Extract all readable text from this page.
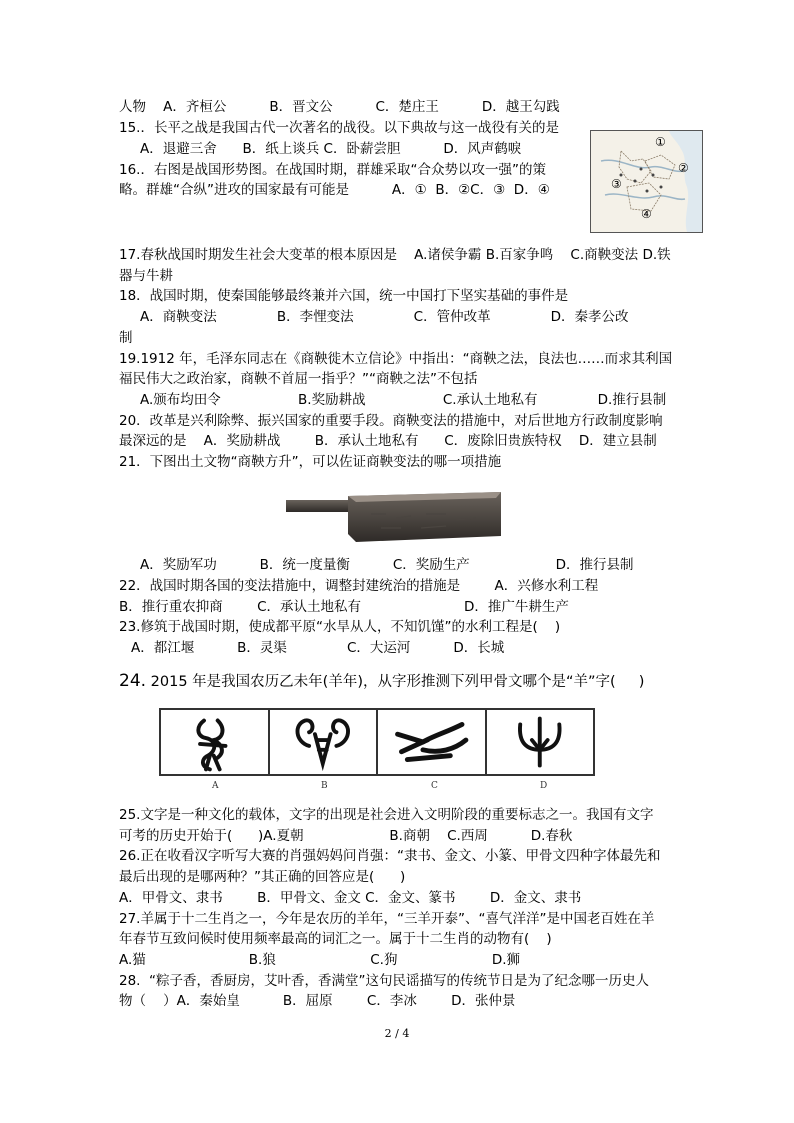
人物    A．齐桓公          B．晋文公          C．楚庄王          D．越王勾践
15.．长平之战是我国古代一次著名的战役。以下典故与这一战役有关的是
A．退避三舍      B．纸上谈兵 C．卧薪尝胆          D．风声鹤唳
16.．右图是战国形势图。在战国时期，群雄采取“合众势以攻一强”的策
略。群雄“合纵”进攻的国家最有可能是          A．①  B．②C．③  D．④
17.春秋战国时期发生社会大变革的根本原因是    A.诸侯争霸 B.百家争鸣    C.商鞅变法 D.铁
器与牛耕
18．战国时期，使秦国能够最终兼并六国，统一中国打下坚实基础的事件是
A．商鞅变法              B．李悝变法              C．管仲改革              D．秦孝公改
制
19.1912 年，毛泽东同志在《商鞅徙木立信论》中指出：“商鞅之法，良法也……而求其利国
福民伟大之政治家，商鞅不首屈一指乎？”“商鞅之法”不包括
A.颁布均田令                  B.奖励耕战                  C.承认土地私有              D.推行县制
20．改革是兴利除弊、振兴国家的重要手段。商鞅变法的措施中，对后世地方行政制度影响
最深远的是    A．奖励耕战        B．承认土地私有      C．废除旧贵族特权    D．建立县制
21．下图出土文物“商鞅方升”，可以佐证商鞅变法的哪一项措施
A．奖励军功          B．统一度量衡          C．奖励生产                    D．推行县制
22．战国时期各国的变法措施中，调整封建统治的措施是        A．兴修水利工程
B．推行重农抑商        C．承认土地私有                        D．推广牛耕生产
23.修筑于战国时期，使成都平原“水旱从人，不知饥馑”的水利工程是(    )
A．都江堰          B．灵渠              C．大运河          D．长城
24. 2015 年是我国农历乙未年(羊年)，从字形推测下列甲骨文哪个是“羊”字(     )
A	B	C	D
25.文字是一种文化的载体，文字的出现是社会进入文明阶段的重要标志之一。我国有文字
可考的历史开始于(      )A.夏朝                    B.商朝    C.西周          D.春秋
26.正在收看汉字听写大赛的肖强妈妈问肖强：“隶书、金文、小篆、甲骨文四种字体最先和
最后出现的是哪两种？”其正确的回答应是(      )
A．甲骨文、隶书        B．甲骨文、金文 C．金文、篆书        D．金文、隶书
27.羊属于十二生肖之一，今年是农历的羊年，“三羊开泰”、“喜气洋洋”是中国老百姓在羊
年春节互致问候时使用频率最高的词汇之一。属于十二生肖的动物有(    )
A.猫                        B.狼                      C.狗                      D.狮
28.  “粽子香，香厨房，艾叶香，香满堂”这句民谣描写的传统节日是为了纪念哪一历史人
物（    ）A．秦始皇          B．屈原        C．李冰        D．张仲景
①
②
③
④
2 / 4
